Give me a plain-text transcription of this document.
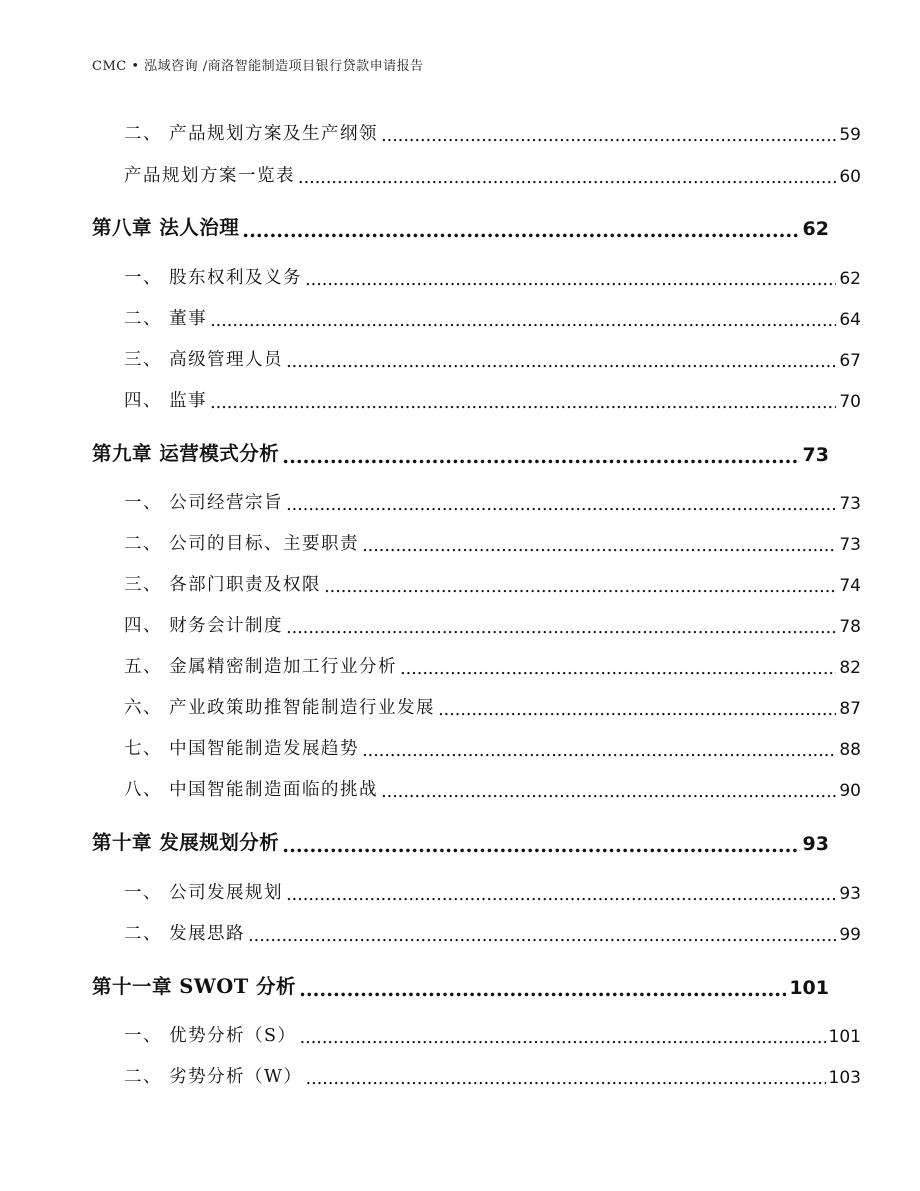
CMC • 泓域咨询 /商洛智能制造项目银行贷款申请报告
二、 产品规划方案及生产纲领 .....	59
产品规划方案一览表 .....	60
第八章 法人治理 .....	62
一、 股东权利及义务 .....	62
二、 董事 .....	64
三、 高级管理人员 .....	67
四、 监事 .....	70
第九章 运营模式分析 .....	73
一、 公司经营宗旨 .....	73
二、 公司的目标、主要职责 .....	73
三、 各部门职责及权限 .....	74
四、 财务会计制度 .....	78
五、 金属精密制造加工行业分析 .....	82
六、 产业政策助推智能制造行业发展 .....	87
七、 中国智能制造发展趋势 .....	88
八、 中国智能制造面临的挑战 .....	90
第十章 发展规划分析 .....	93
一、 公司发展规划 .....	93
二、 发展思路 .....	99
第十一章 SWOT 分析 .....	101
一、 优势分析（S） .....	101
二、 劣势分析（W） .....	103
